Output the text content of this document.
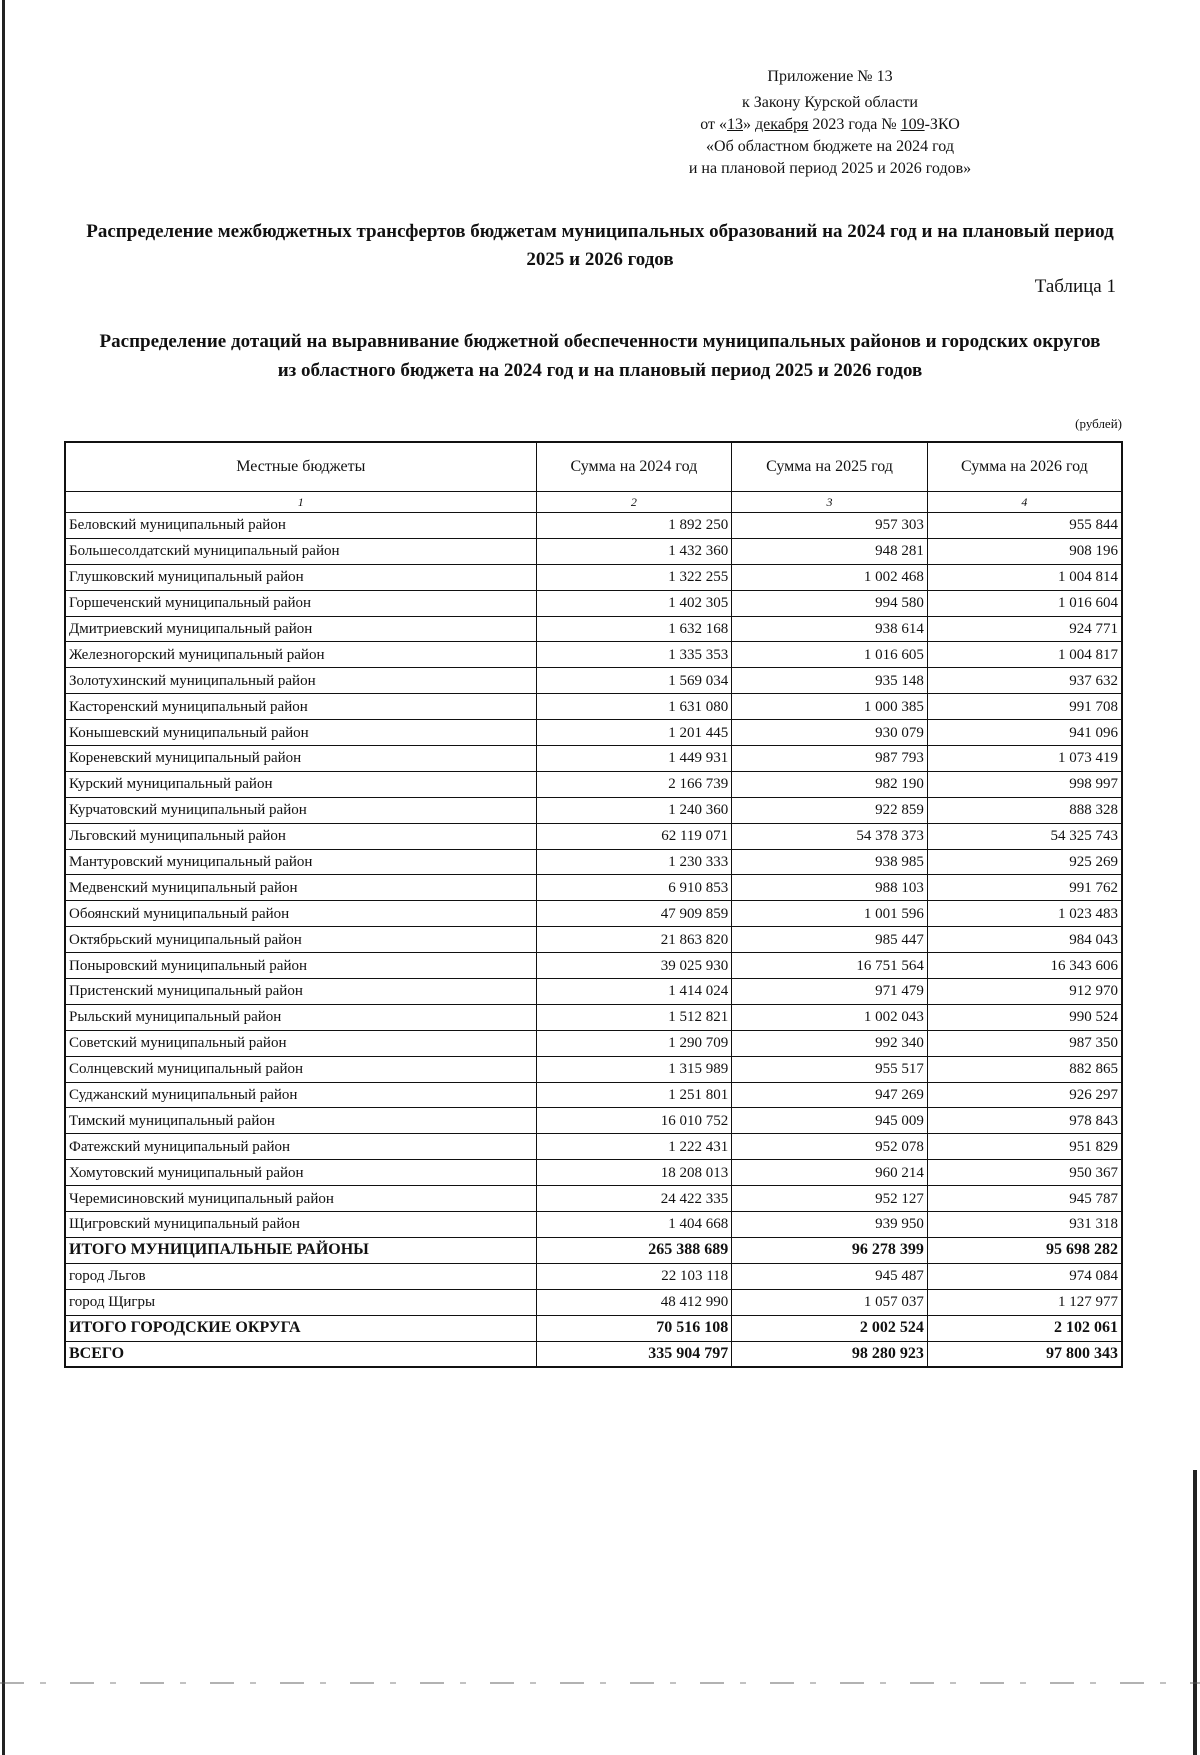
Приложение № 13
к Закону Курской области
от «13» декабря 2023 года № 109-ЗКО
«Об областном бюджете на 2024 год
и на плановой период 2025 и 2026 годов»
Распределение межбюджетных трансфертов бюджетам муниципальных образований на 2024 год и на плановый период 2025 и 2026 годов
Таблица 1
Распределение дотаций на выравнивание бюджетной обеспеченности муниципальных районов и городских округов из областного бюджета на 2024 год и на плановый период 2025 и 2026 годов
(рублей)
Местные бюджеты	Сумма на 2024 год	Сумма на 2025 год	Сумма на 2026 год
1	2	3	4
Беловский муниципальный район	1 892 250	957 303	955 844
Большесолдатский муниципальный район	1 432 360	948 281	908 196
Глушковский муниципальный район	1 322 255	1 002 468	1 004 814
Горшеченский муниципальный район	1 402 305	994 580	1 016 604
Дмитриевский муниципальный район	1 632 168	938 614	924 771
Железногорский муниципальный район	1 335 353	1 016 605	1 004 817
Золотухинский муниципальный район	1 569 034	935 148	937 632
Касторенский муниципальный район	1 631 080	1 000 385	991 708
Конышевский муниципальный район	1 201 445	930 079	941 096
Кореневский муниципальный район	1 449 931	987 793	1 073 419
Курский муниципальный район	2 166 739	982 190	998 997
Курчатовский муниципальный район	1 240 360	922 859	888 328
Льговский муниципальный район	62 119 071	54 378 373	54 325 743
Мантуровский муниципальный район	1 230 333	938 985	925 269
Медвенский муниципальный район	6 910 853	988 103	991 762
Обоянский муниципальный район	47 909 859	1 001 596	1 023 483
Октябрьский муниципальный район	21 863 820	985 447	984 043
Поныровский муниципальный район	39 025 930	16 751 564	16 343 606
Пристенский муниципальный район	1 414 024	971 479	912 970
Рыльский муниципальный район	1 512 821	1 002 043	990 524
Советский муниципальный район	1 290 709	992 340	987 350
Солнцевский муниципальный район	1 315 989	955 517	882 865
Суджанский муниципальный район	1 251 801	947 269	926 297
Тимский муниципальный район	16 010 752	945 009	978 843
Фатежский муниципальный район	1 222 431	952 078	951 829
Хомутовский муниципальный район	18 208 013	960 214	950 367
Черемисиновский муниципальный район	24 422 335	952 127	945 787
Щигровский муниципальный район	1 404 668	939 950	931 318
ИТОГО МУНИЦИПАЛЬНЫЕ РАЙОНЫ	265 388 689	96 278 399	95 698 282
город Льгов	22 103 118	945 487	974 084
город Щигры	48 412 990	1 057 037	1 127 977
ИТОГО ГОРОДСКИЕ ОКРУГА	70 516 108	2 002 524	2 102 061
ВСЕГО	335 904 797	98 280 923	97 800 343
